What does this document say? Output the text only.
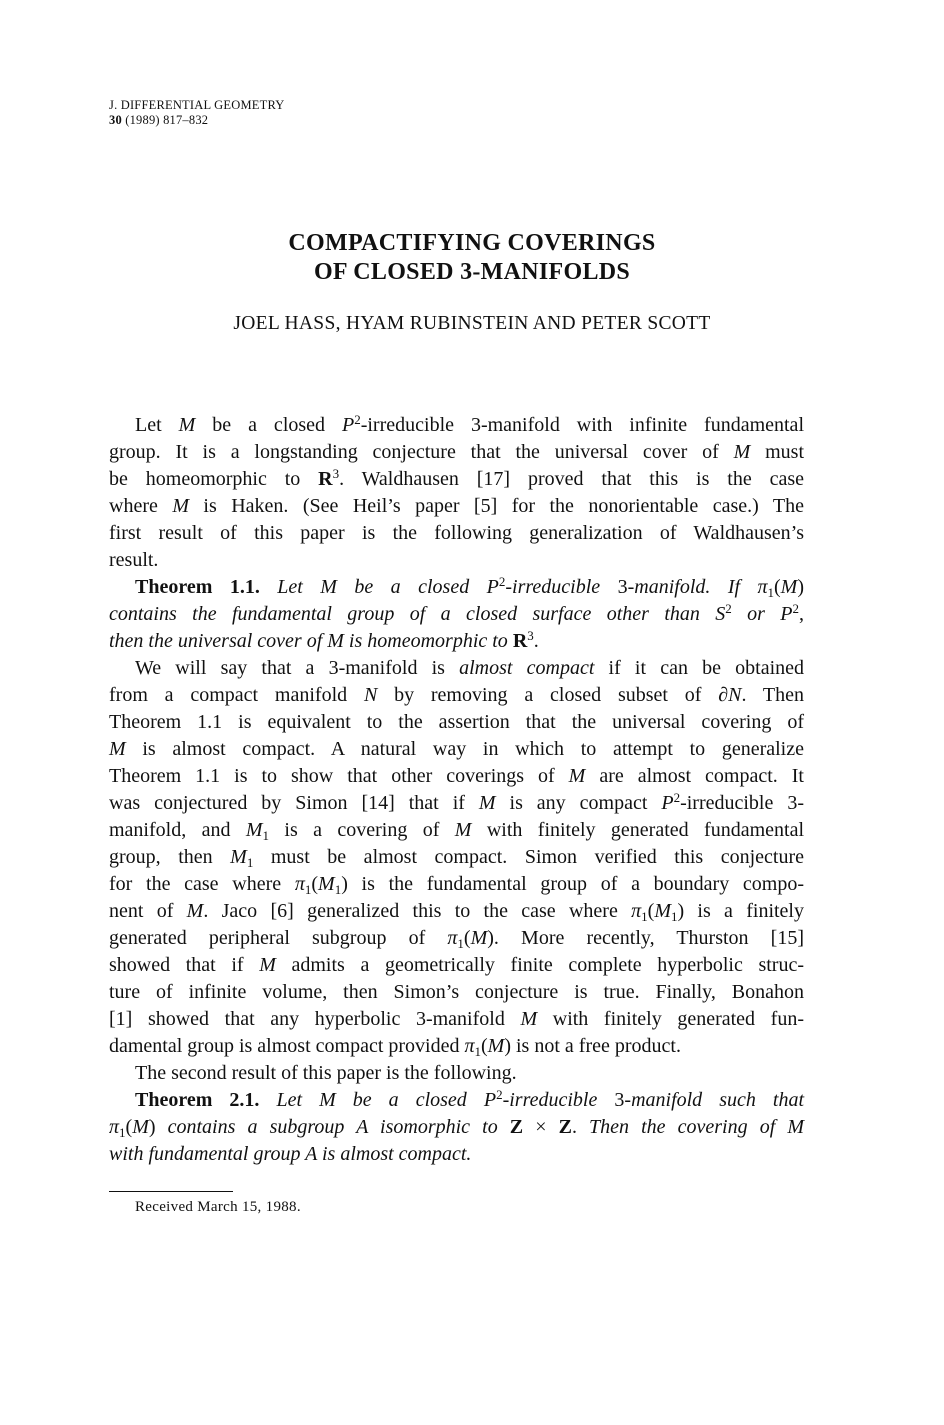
J. DIFFERENTIAL GEOMETRY
30 (1989) 817–832
COMPACTIFYING COVERINGS
OF CLOSED 3-MANIFOLDS
JOEL HASS, HYAM RUBINSTEIN AND PETER SCOTT
Let M be a closed $P^2$-irreducible 3-manifold with infinite fundamental
group. It is a longstanding conjecture that the universal cover of M must
be homeomorphic to $R^3$. Waldhausen [17] proved that this is the case
where M is Haken. (See Heil’s paper [5] for the nonorientable case.) The
first result of this paper is the following generalization of Waldhausen’s
result.
Theorem 1.1. Let M be a closed $P^2$-irreducible 3-manifold. If $\pi_1(M)$
contains the fundamental group of a closed surface other than $S^2$ or $P^2$,
then the universal cover of M is homeomorphic to $R^3$.
We will say that a 3-manifold is almost compact if it can be obtained
from a compact manifold N by removing a closed subset of ∂N. Then
Theorem 1.1 is equivalent to the assertion that the universal covering of
M is almost compact. A natural way in which to attempt to generalize
Theorem 1.1 is to show that other coverings of M are almost compact. It
was conjectured by Simon [14] that if M is any compact $P^2$-irreducible 3-
manifold, and $M_1$ is a covering of M with finitely generated fundamental
group, then $M_1$ must be almost compact. Simon verified this conjecture
for the case where $\pi_1(M_1)$ is the fundamental group of a boundary compo-
nent of M. Jaco [6] generalized this to the case where $\pi_1(M_1)$ is a finitely
generated peripheral subgroup of $\pi_1(M)$. More recently, Thurston [15]
showed that if M admits a geometrically finite complete hyperbolic struc-
ture of infinite volume, then Simon’s conjecture is true. Finally, Bonahon
[1] showed that any hyperbolic 3-manifold M with finitely generated fun-
damental group is almost compact provided $\pi_1(M)$ is not a free product.
The second result of this paper is the following.
Theorem 2.1. Let M be a closed $P^2$-irreducible 3-manifold such that
$\pi_1(M)$ contains a subgroup A isomorphic to Z × Z. Then the covering of M
with fundamental group A is almost compact.
Received March 15, 1988.
